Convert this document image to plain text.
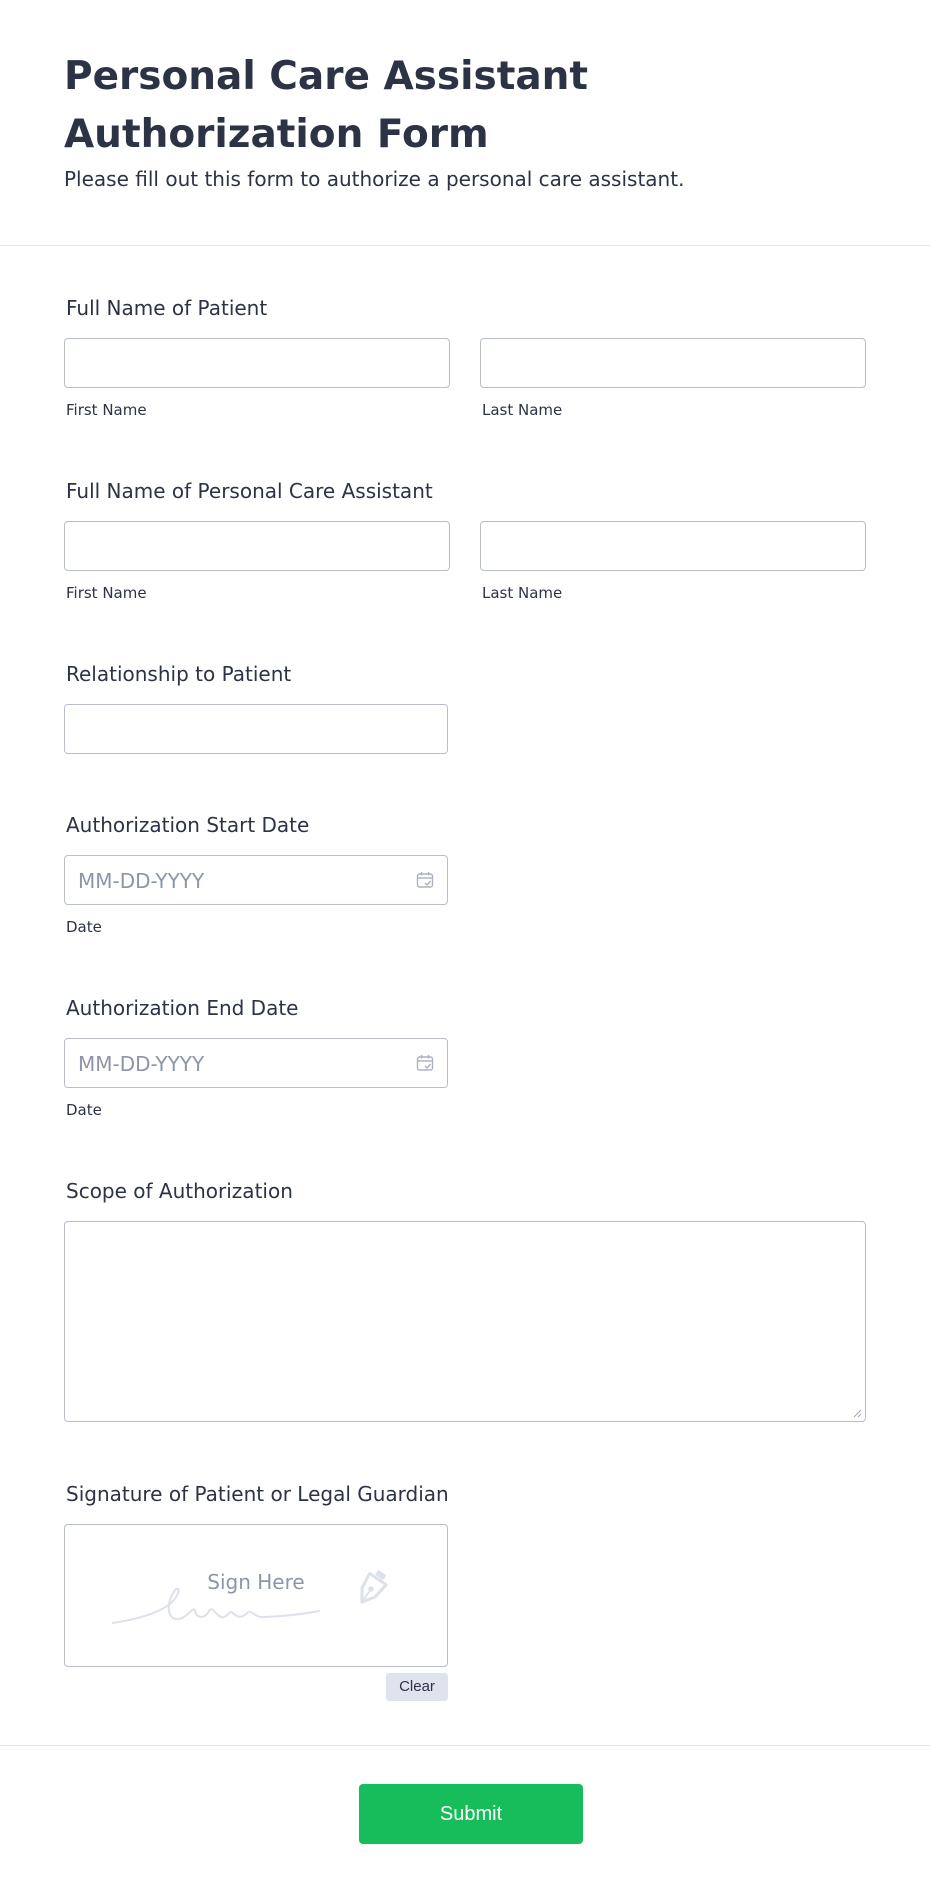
Personal Care Assistant Authorization Form
Please fill out this form to authorize a personal care assistant.
Full Name of Patient
First Name	Last Name
Full Name of Personal Care Assistant
First Name	Last Name
Relationship to Patient
Authorization Start Date
MM-DD-YYYY
Date
Authorization End Date
MM-DD-YYYY
Date
Scope of Authorization
Signature of Patient or Legal Guardian
Sign Here
Clear
Submit
